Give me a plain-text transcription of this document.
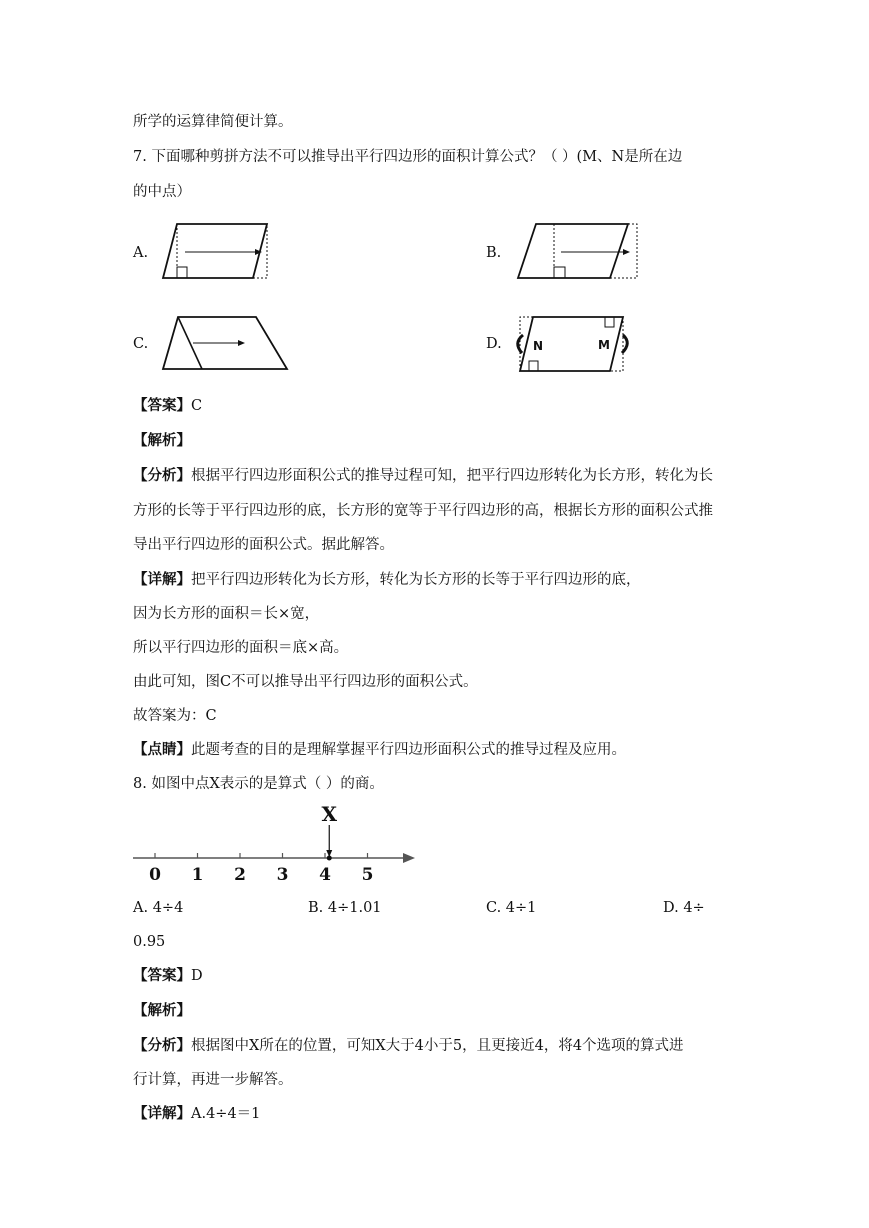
所学的运算律简便计算。
7. 下面哪种剪拼方法不可以推导出平行四边形的面积计算公式？（ ）(M、N是所在边
的中点）
A.	B.
C.	D.	N	M
【答案】C
【解析】
【分析】根据平行四边形面积公式的推导过程可知，把平行四边形转化为长方形，转化为长
方形的长等于平行四边形的底，长方形的宽等于平行四边形的高，根据长方形的面积公式推
导出平行四边形的面积公式。据此解答。
【详解】把平行四边形转化为长方形，转化为长方形的长等于平行四边形的底，
因为长方形的面积＝长×宽，
所以平行四边形的面积＝底×高。
由此可知，图C不可以推导出平行四边形的面积公式。
故答案为：C
【点睛】此题考查的目的是理解掌握平行四边形面积公式的推导过程及应用。
8. 如图中点X表示的是算式（ ）的商。
0 1 2 3 4 5
X
A. 4÷4	B. 4÷1.01	C. 4÷1	D. 4÷
0.95
【答案】D
【解析】
【分析】根据图中X所在的位置，可知X大于4小于5，且更接近4，将4个选项的算式进
行计算，再进一步解答。
【详解】A.4÷4＝1
